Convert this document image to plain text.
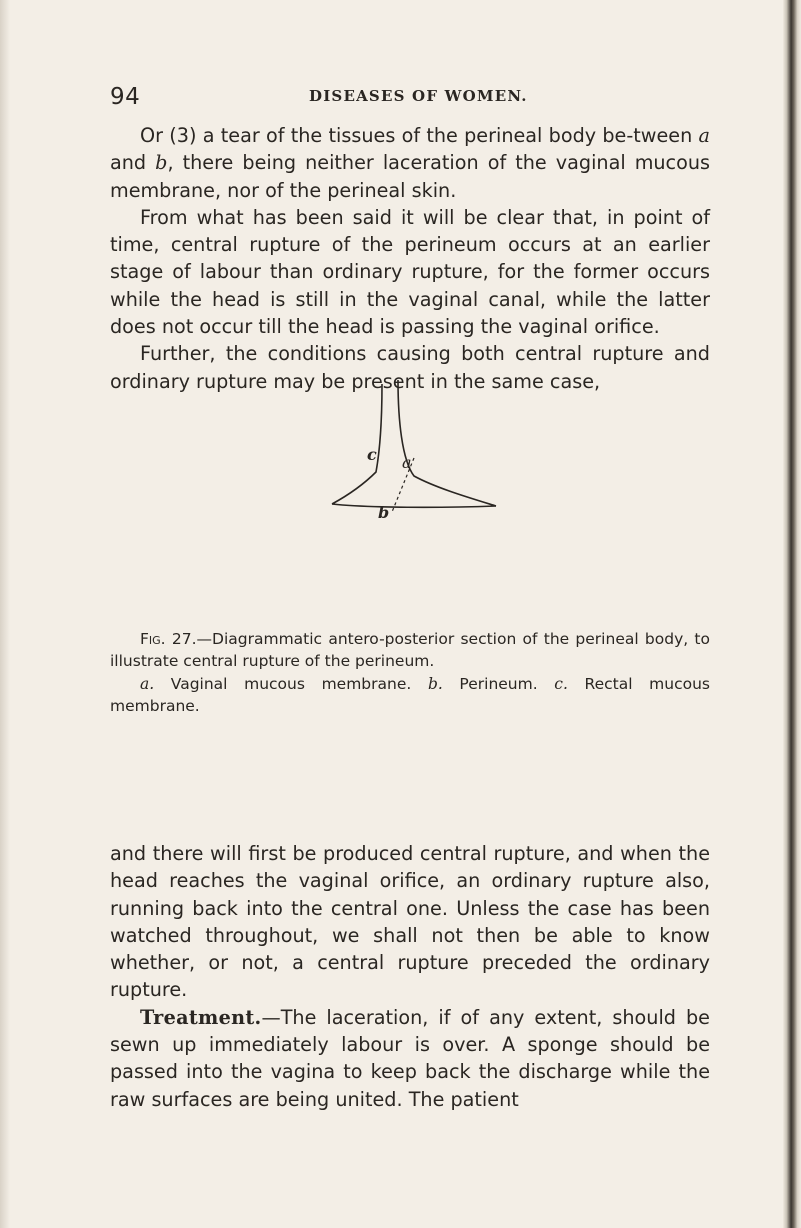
94	DISEASES OF WOMEN.

Or (3) a tear of the tissues of the perineal body be-tween a and b, there being neither laceration of the vaginal mucous membrane, nor of the perineal skin.

From what has been said it will be clear that, in point of time, central rupture of the perineum occurs at an earlier stage of labour than ordinary rupture, for the former occurs while the head is still in the vaginal canal, while the latter does not occur till the head is passing the vaginal orifice.

Further, the conditions causing both central rupture and ordinary rupture may be present in the same case,

c a
b

Fig. 27.—Diagrammatic antero-posterior section of the perineal body, to illustrate central rupture of the perineum.

a. Vaginal mucous membrane. b. Perineum. c. Rectal mucous membrane.

and there will first be produced central rupture, and when the head reaches the vaginal orifice, an ordinary rupture also, running back into the central one. Unless the case has been watched throughout, we shall not then be able to know whether, or not, a central rupture preceded the ordinary rupture.

Treatment.—The laceration, if of any extent, should be sewn up immediately labour is over. A sponge should be passed into the vagina to keep back the discharge while the raw surfaces are being united. The patient
